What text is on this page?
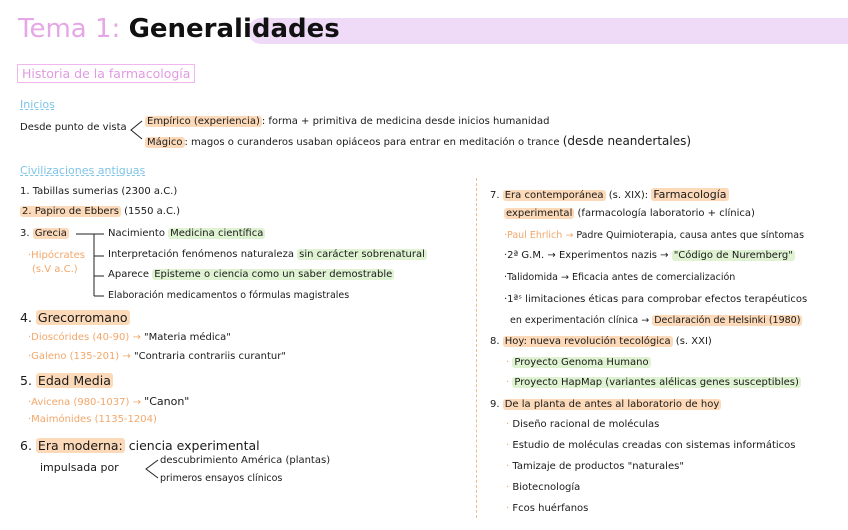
Tema 1: Generalidades
Historia de la farmacología
Inicios
Desde punto de vista
Empírico (experiencia) : forma + primitiva de medicina desde inicios humanidad
Mágico : magos o curanderos usaban opiáceos para entrar en meditación o trance (desde neandertales)
Civilizaciones antiguas
1. Tabillas sumerias (2300 a.C.)
2. Papiro de Ebbers (1550 a.C.)
3. Grecia
·Hipócrates
(s.V a.C.)
Nacimiento Medicina científica
Interpretación fenómenos naturaleza sin carácter sobrenatural
Aparece Episteme o ciencia como un saber demostrable
Elaboración medicamentos o fórmulas magistrales
4. Grecorromano
·Dioscórides (40-90) → "Materia médica"
·Galeno (135-201) → "Contraria contrariis curantur"
5. Edad Media
·Avicena (980-1037) → "Canon"
·Maimónides (1135-1204)
6. Era moderna: ciencia experimental
impulsada por
descubrimiento América (plantas)
primeros ensayos clínicos
7. Era contemporánea (s. XIX): Farmacología
experimental (farmacología laboratorio + clínica)
·Paul Ehrlich → Padre Quimioterapia, causa antes que síntomas
·2ª G.M. → Experimentos nazis → "Código de Nuremberg"
·Talidomida → Eficacia antes de comercialización
·1ªˢ limitaciones éticas para comprobar efectos terapéuticos
en experimentación clínica → Declaración de Helsinki (1980)
8. Hoy: nueva revolución tecológica (s. XXI)
· Proyecto Genoma Humano
· Proyecto HapMap (variantes alélicas genes susceptibles)
9. De la planta de antes al laboratorio de hoy
· Diseño racional de moléculas
· Estudio de moléculas creadas con sistemas informáticos
· Tamizaje de productos "naturales"
· Biotecnología
· Fcos huérfanos
